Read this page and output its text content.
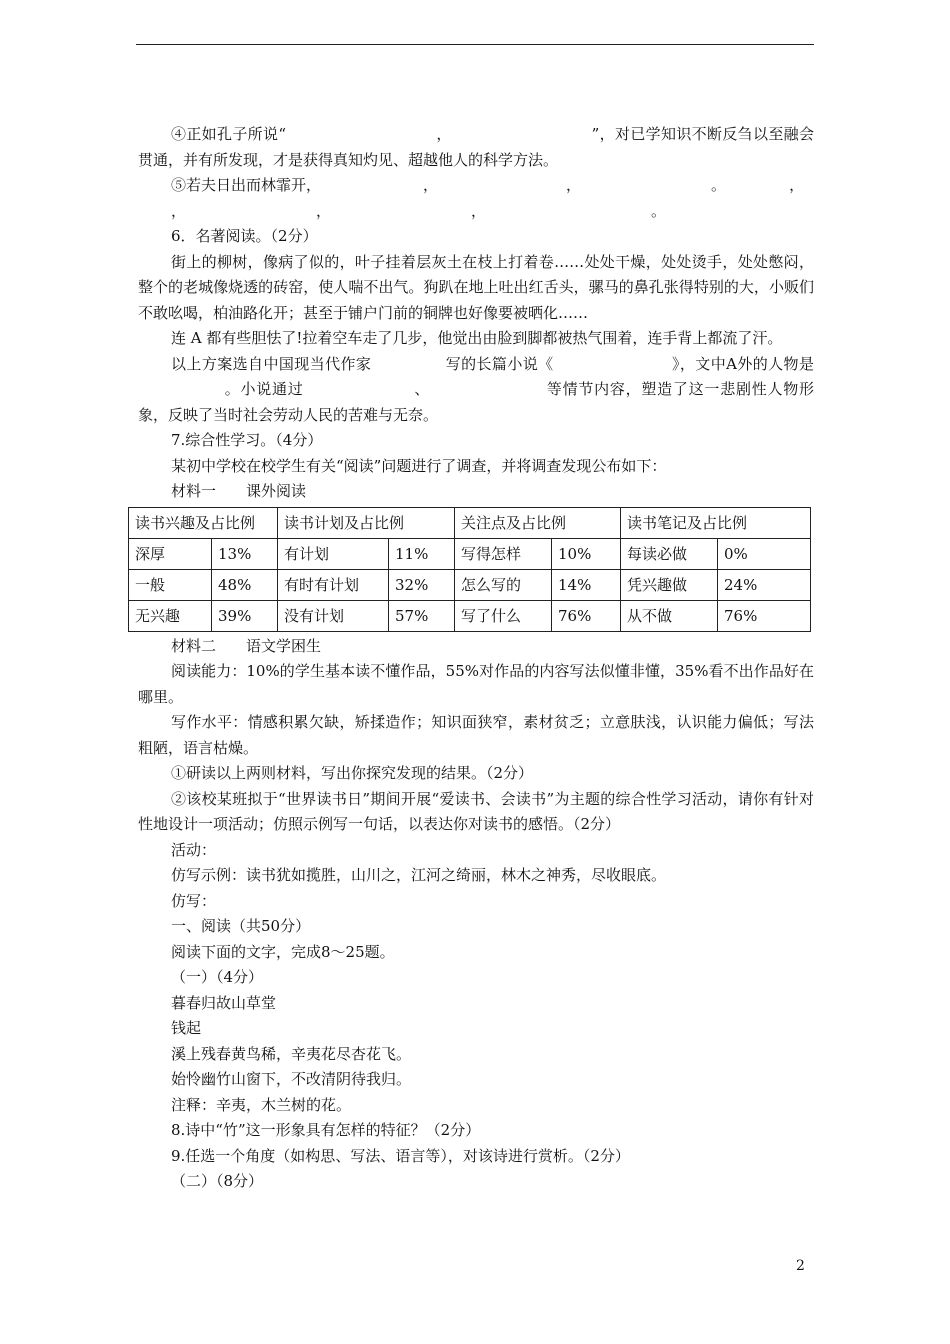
④正如孔子所说“	，	”，对已学知识不断反刍以至融会贯通，并有所发现，才是获得真知灼见、超越他人的科学方法。

⑤若夫日出而林霏开，	，	，	。	，

，	，	，	。

6．名著阅读。（2分）

街上的柳树，像病了似的，叶子挂着层灰土在枝上打着卷……处处干燥，处处烫手，处处憋闷，整个的老城像烧透的砖窑，使人喘不出气。狗趴在地上吐出红舌头，骡马的鼻孔张得特别的大，小贩们不敢吆喝，柏油路化开；甚至于铺户门前的铜牌也好像要被晒化……

连 A 都有些胆怯了!拉着空车走了几步，他觉出由脸到脚都被热气围着，连手背上都流了汗。

以上方案选自中国现当代作家	写的长篇小说《	》，文中A外的人物是。小说通过	、	等情节内容，塑造了这一悲剧性人物形象，反映了当时社会劳动人民的苦难与无奈。

7.综合性学习。（4分）

某初中学校在校学生有关“阅读”问题进行了调查，并将调查发现公布如下：

材料一　　课外阅读

读书兴趣及占比例		读书计划及占比例		关注点及占比例		读书笔记及占比例	
深厚	13%	有计划	11%	写得怎样	10%	每读必做	0%
一般	48%	有时有计划	32%	怎么写的	14%	凭兴趣做	24%
无兴趣	39%	没有计划	57%	写了什么	76%	从不做	76%

材料二　　语文学困生

阅读能力：10%的学生基本读不懂作品，55%对作品的内容写法似懂非懂，35%看不出作品好在哪里。

写作水平：情感积累欠缺，矫揉造作；知识面狭窄，素材贫乏；立意肤浅，认识能力偏低；写法粗陋，语言枯燥。

①研读以上两则材料，写出你探究发现的结果。（2分）

②该校某班拟于“世界读书日”期间开展“爱读书、会读书”为主题的综合性学习活动，请你有针对性地设计一项活动；仿照示例写一句话，以表达你对读书的感悟。（2分）

活动：

仿写示例：读书犹如揽胜，山川之，江河之绮丽，林木之神秀，尽收眼底。

仿写：

一、阅读（共50分）

阅读下面的文字，完成8～25题。

（一）（4分）

暮春归故山草堂

钱起

溪上残春黄鸟稀，辛夷花尽杏花飞。

始怜幽竹山窗下，不改清阴待我归。

注释：辛夷，木兰树的花。

8.诗中“竹”这一形象具有怎样的特征？（2分）

9.任选一个角度（如构思、写法、语言等），对该诗进行赏析。（2分）

（二）（8分）

2
